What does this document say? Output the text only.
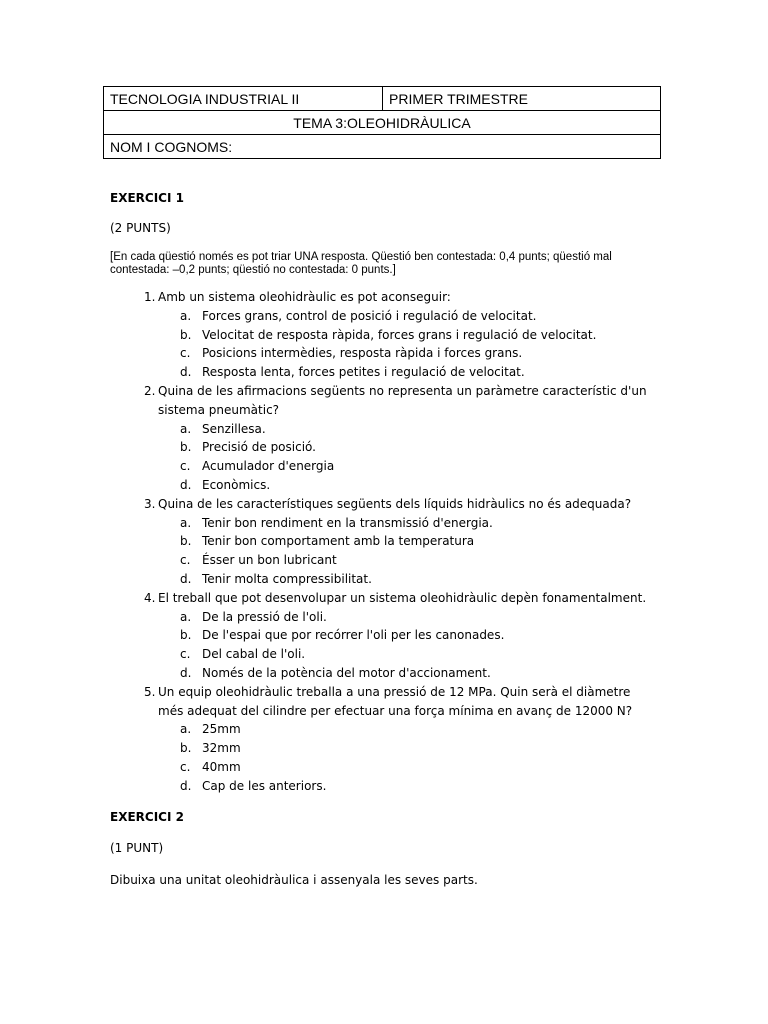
TECNOLOGIA INDUSTRIAL II	PRIMER TRIMESTRE
TEMA 3:OLEOHIDRÀULICA
NOM I COGNOMS:
EXERCICI 1
(2 PUNTS)
[En cada qüestió només es pot triar UNA resposta. Qüestió ben contestada: 0,4 punts; qüestió mal contestada: –0,2 punts; qüestió no contestada: 0 punts.]
1. Amb un sistema oleohidràulic es pot aconseguir:
a. Forces grans, control de posició i regulació de velocitat.
b. Velocitat de resposta ràpida, forces grans i regulació de velocitat.
c. Posicions intermèdies, resposta ràpida i forces grans.
d. Resposta lenta, forces petites i regulació de velocitat.
2. Quina de les afirmacions següents no representa un paràmetre característic d'un sistema pneumàtic?
a. Senzillesa.
b. Precisió de posició.
c. Acumulador d'energia
d. Econòmics.
3. Quina de les característiques següents dels líquids hidràulics no és adequada?
a. Tenir bon rendiment en la transmissió d'energia.
b. Tenir bon comportament amb la temperatura
c. Ésser un bon lubricant
d. Tenir molta compressibilitat.
4. El treball que pot desenvolupar un sistema oleohidràulic depèn fonamentalment.
a. De la pressió de l'oli.
b. De l'espai que por recórrer l'oli per les canonades.
c. Del cabal de l'oli.
d. Només de la potència del motor d'accionament.
5. Un equip oleohidràulic treballa a una pressió de 12 MPa. Quin serà el diàmetre més adequat del cilindre per efectuar una força mínima en avanç de 12000 N?
a. 25mm
b. 32mm
c. 40mm
d. Cap de les anteriors.
EXERCICI 2
(1 PUNT)
Dibuixa una unitat oleohidràulica i assenyala les seves parts.
